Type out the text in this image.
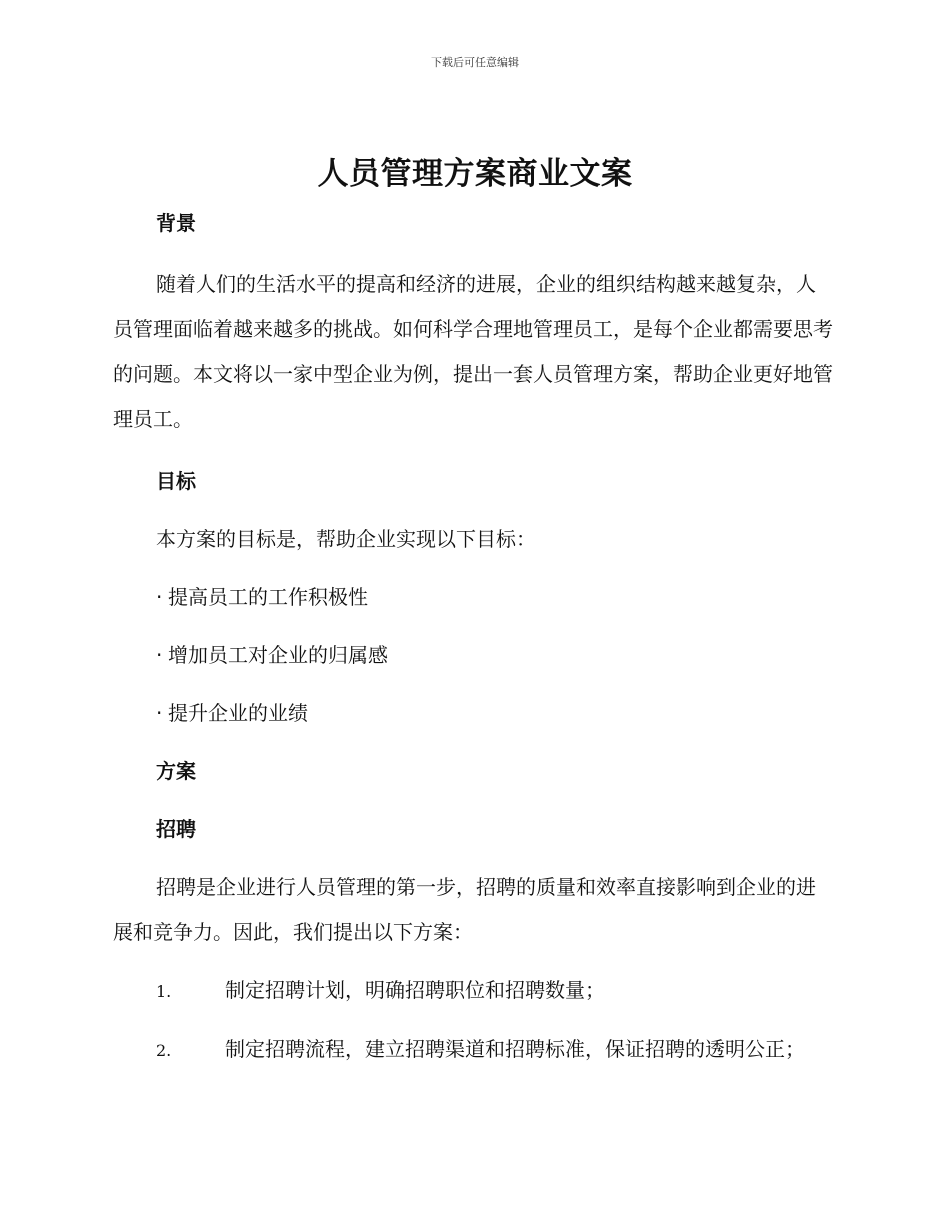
下载后可任意编辑
人员管理方案商业文案
背景

随着人们的生活水平的提高和经济的进展，企业的组织结构越来越复杂，人员管理面临着越来越多的挑战。如何科学合理地管理员工，是每个企业都需要思考的问题。本文将以一家中型企业为例，提出一套人员管理方案，帮助企业更好地管理员工。

目标
本方案的目标是，帮助企业实现以下目标：
· 提高员工的工作积极性
· 增加员工对企业的归属感
· 提升企业的业绩
方案
招聘

招聘是企业进行人员管理的第一步，招聘的质量和效率直接影响到企业的进展和竞争力。因此，我们提出以下方案：

1.	制定招聘计划，明确招聘职位和招聘数量；
2.	制定招聘流程，建立招聘渠道和招聘标准，保证招聘的透明公正；
